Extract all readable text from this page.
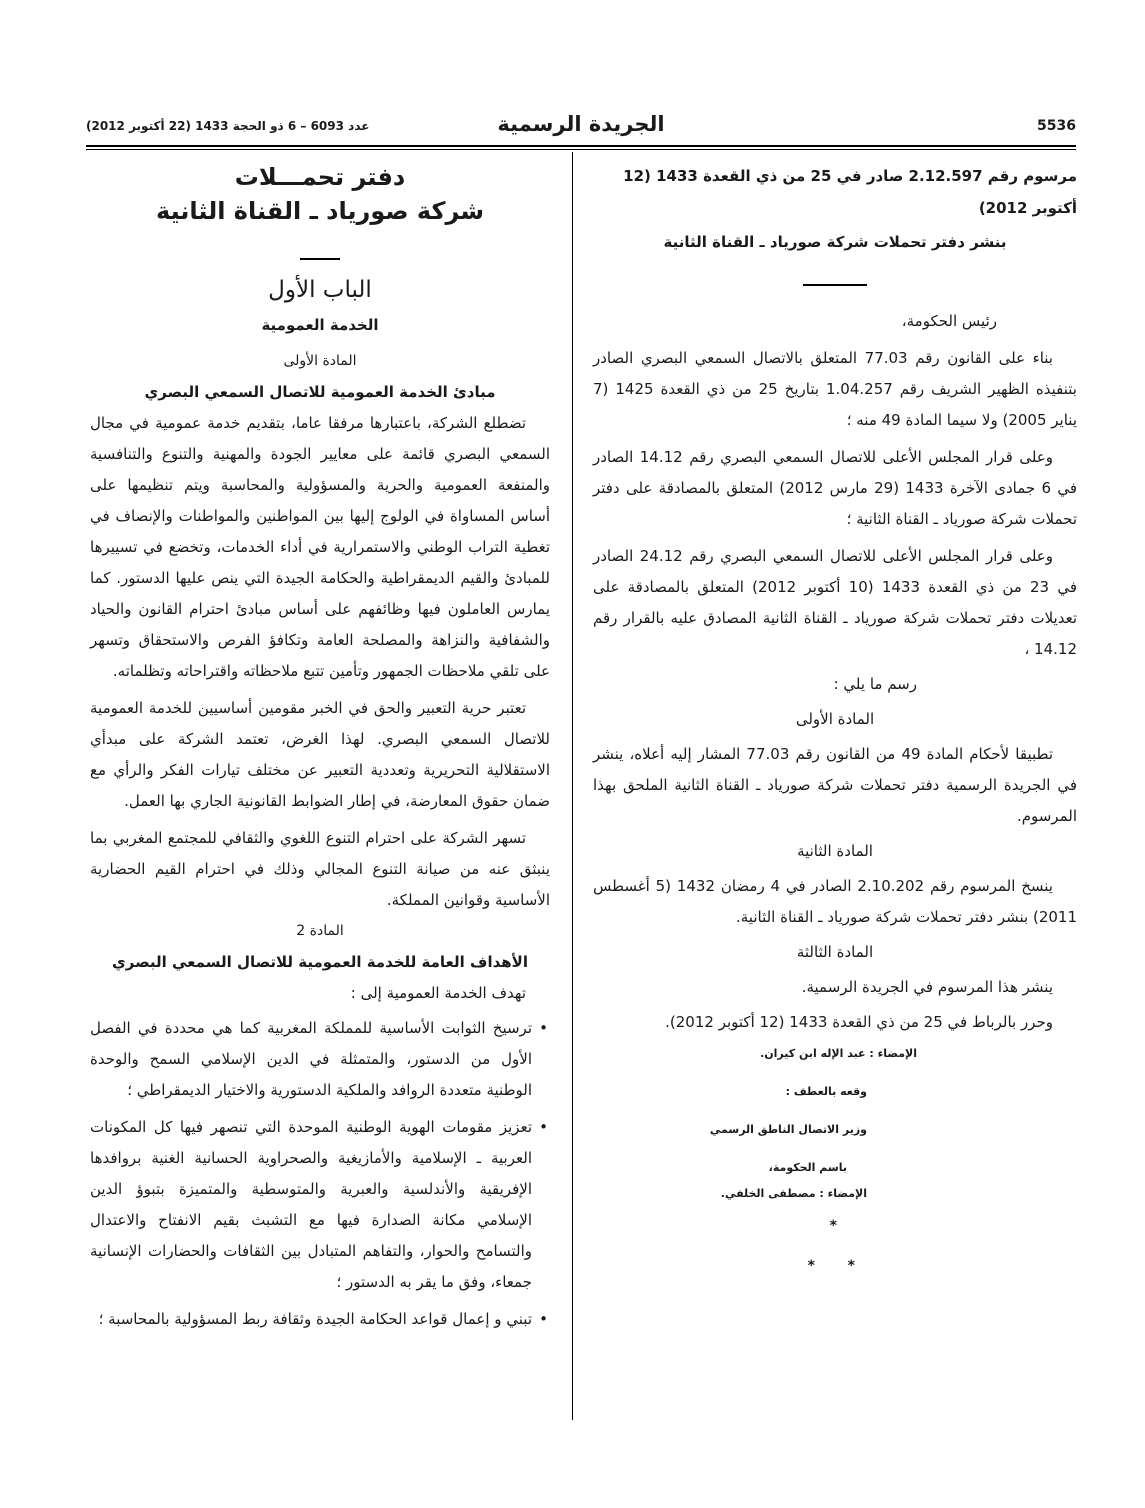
5536
الجريدة الرسمية
عدد 6093 – 6 ذو الحجة 1433 (22 أكتوبر 2012)
مرسوم رقم 2.12.597 صادر في 25 من ذي القعدة 1433 (12 أكتوبر 2012)
بنشر دفتر تحملات شركة صورياد ـ القناة الثانية
رئيس الحكومة،
بناء على القانون رقم 77.03 المتعلق بالاتصال السمعي البصري الصادر بتنفيذه الظهير الشريف رقم 1.04.257 بتاريخ 25 من ذي القعدة 1425 (7 يناير 2005) ولا سيما المادة 49 منه ؛
وعلى قرار المجلس الأعلى للاتصال السمعي البصري رقم 14.12 الصادر في 6 جمادى الآخرة 1433 (29 مارس 2012) المتعلق بالمصادقة على دفتر تحملات شركة صورياد ـ القناة الثانية ؛
وعلى قرار المجلس الأعلى للاتصال السمعي البصري رقم 24.12 الصادر في 23 من ذي القعدة 1433 (10 أكتوبر 2012) المتعلق بالمصادقة على تعديلات دفتر تحملات شركة صورياد ـ القناة الثانية المصادق عليه بالقرار رقم 14.12 ،
رسم ما يلي :
المادة الأولى
تطبيقا لأحكام المادة 49 من القانون رقم 77.03 المشار إليه أعلاه، ينشر في الجريدة الرسمية دفتر تحملات شركة صورياد ـ القناة الثانية الملحق بهذا المرسوم.
المادة الثانية
ينسخ المرسوم رقم 2.10.202 الصادر في 4 رمضان 1432 (5 أغسطس 2011) بنشر دفتر تحملات شركة صورياد ـ القناة الثانية.
المادة الثالثة
ينشر هذا المرسوم في الجريدة الرسمية.
وحرر بالرباط في 25 من ذي القعدة 1433 (12 أكتوبر 2012).
الإمضاء : عبد الإله ابن كيران.
وقعه بالعطف :
وزير الاتصال الناطق الرسمي
باسم الحكومة،
الإمضاء : مصطفى الخلفي.
*
*
*
دفتر تحمـــلات
شركة صورياد ـ القناة الثانية
الباب الأول
الخدمة العمومية
المادة الأولى
مبادئ الخدمة العمومية للاتصال السمعي البصري
تضطلع الشركة، باعتبارها مرفقا عاما، بتقديم خدمة عمومية في مجال السمعي البصري قائمة على معايير الجودة والمهنية والتنوع والتنافسية والمنفعة العمومية والحرية والمسؤولية والمحاسبة ويتم تنظيمها على أساس المساواة في الولوج إليها بين المواطنين والمواطنات والإنصاف في تغطية التراب الوطني والاستمرارية في أداء الخدمات، وتخضع في تسييرها للمبادئ والقيم الديمقراطية والحكامة الجيدة التي ينص عليها الدستور. كما يمارس العاملون فيها وظائفهم على أساس مبادئ احترام القانون والحياد والشفافية والنزاهة والمصلحة العامة وتكافؤ الفرص والاستحقاق وتسهر على تلقي ملاحظات الجمهور وتأمين تتبع ملاحظاته واقتراحاته وتظلماته.
تعتبر حرية التعبير والحق في الخبر مقومين أساسيين للخدمة العمومية للاتصال السمعي البصري. لهذا الغرض، تعتمد الشركة على مبدأي الاستقلالية التحريرية وتعددية التعبير عن مختلف تيارات الفكر والرأي مع ضمان حقوق المعارضة، في إطار الضوابط القانونية الجاري بها العمل.
تسهر الشركة على احترام التنوع اللغوي والثقافي للمجتمع المغربي بما ينبثق عنه من صيانة التنوع المجالي وذلك في احترام القيم الحضارية الأساسية وقوانين المملكة.
المادة 2
الأهداف العامة للخدمة العمومية للاتصال السمعي البصري
تهدف الخدمة العمومية إلى :
•
ترسيخ الثوابت الأساسية للمملكة المغربية كما هي محددة في الفصل الأول من الدستور، والمتمثلة في الدين الإسلامي السمح والوحدة الوطنية متعددة الروافد والملكية الدستورية والاختيار الديمقراطي ؛
•
تعزيز مقومات الهوية الوطنية الموحدة التي تنصهر فيها كل المكونات العربية ـ الإسلامية والأمازيغية والصحراوية الحسانية الغنية بروافدها الإفريقية والأندلسية والعبرية والمتوسطية والمتميزة بتبوؤ الدين الإسلامي مكانة الصدارة فيها مع التشبث بقيم الانفتاح والاعتدال والتسامح والحوار، والتفاهم المتبادل بين الثقافات والحضارات الإنسانية جمعاء، وفق ما يقر به الدستور ؛
•
تبني و إعمال قواعد الحكامة الجيدة وثقافة ربط المسؤولية بالمحاسبة ؛
